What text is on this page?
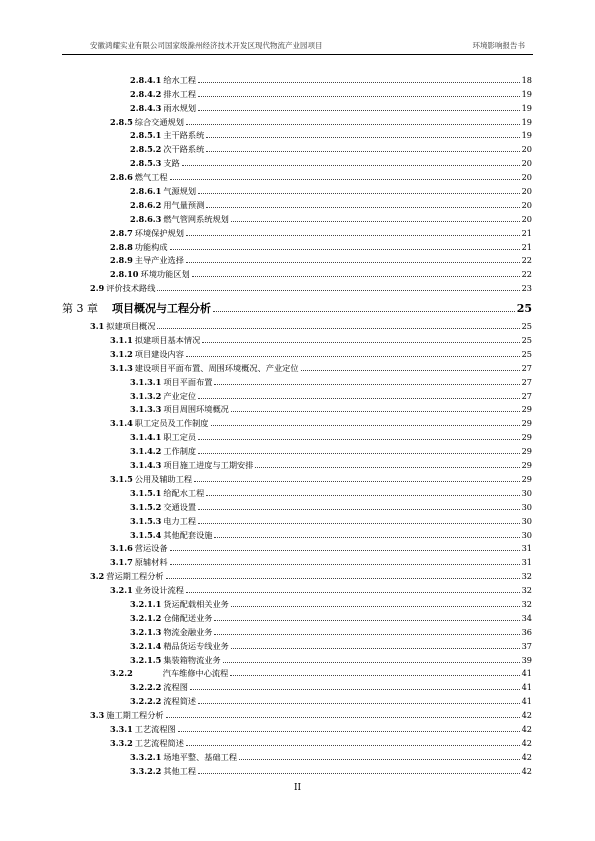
安徽鸿耀实业有限公司国家级滁州经济技术开发区现代物流产业园项目	环境影响报告书
2.8.4.1 给水工程	18
2.8.4.2 排水工程	19
2.8.4.3 雨水规划	19
2.8.5 综合交通规划	19
2.8.5.1 主干路系统	19
2.8.5.2 次干路系统	20
2.8.5.3 支路	20
2.8.6 燃气工程	20
2.8.6.1 气源规划	20
2.8.6.2 用气量预测	20
2.8.6.3 燃气管网系统规划	20
2.8.7 环境保护规划	21
2.8.8 功能构成	21
2.8.9 主导产业选择	22
2.8.10 环境功能区划	22
2.9 评价技术路线	23
第 3 章 项目概况与工程分析	25
3.1 拟建项目概况	25
3.1.1 拟建项目基本情况	25
3.1.2 项目建设内容	25
3.1.3 建设项目平面布置、周围环境概况、产业定位	27
3.1.3.1 项目平面布置	27
3.1.3.2 产业定位	27
3.1.3.3 项目周围环境概况	29
3.1.4 职工定员及工作制度	29
3.1.4.1 职工定员	29
3.1.4.2 工作制度	29
3.1.4.3 项目施工进度与工期安排	29
3.1.5 公用及辅助工程	29
3.1.5.1 给配水工程	30
3.1.5.2 交通设置	30
3.1.5.3 电力工程	30
3.1.5.4 其他配套设施	30
3.1.6 营运设备	31
3.1.7 原辅材料	31
3.2 营运期工程分析	32
3.2.1 业务设计流程	32
3.2.1.1 货运配载相关业务	32
3.2.1.2 仓储配送业务	34
3.2.1.3 物流金融业务	36
3.2.1.4 精品货运专线业务	37
3.2.1.5 集装箱物流业务	39
3.2.2	汽车维修中心流程	41
3.2.2.2 流程图	41
3.2.2.2 流程简述	41
3.3 施工期工程分析	42
3.3.1 工艺流程图	42
3.3.2 工艺流程简述	42
3.3.2.1 场地平整、基础工程	42
3.3.2.2 其他工程	42
II
